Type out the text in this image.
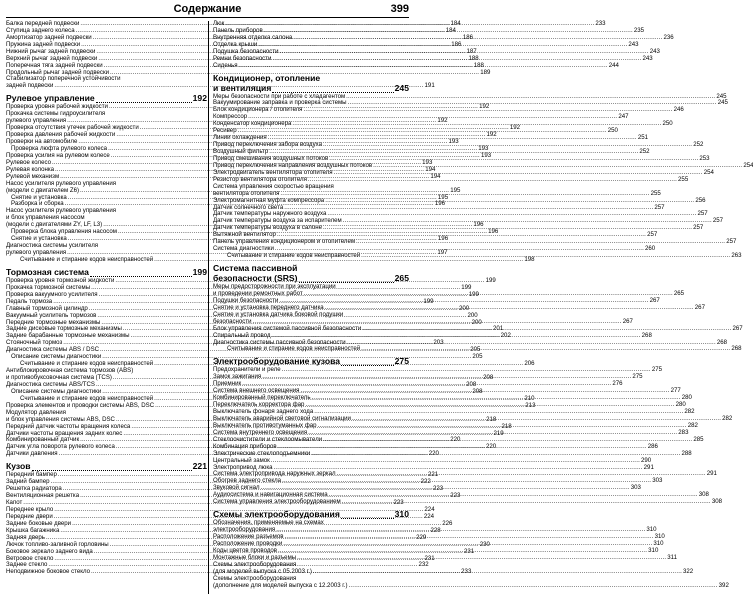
Содержание	399
Балка передней подвески .....	184
Ступица заднего колеса .....	184
Амортизатор задней подвески .....	186
Пружина задней подвески .....	186
Нижний рычаг задней подвески .....	187
Верхний рычаг задней подвески .....	188
Поперечная тяга задней подвески .....	188
Продольный рычаг задней подвески .....	189
Стабилизатор поперечной устойчивости
задней подвески .....	191
Рулевое управление	192
Проверка уровня рабочей жидкости .....	192
Прокачка системы гидроусилителя
рулевого управления .....	192
Проверка отсутствия утечек рабочей жидкости .....	192
Проверка давления рабочей жидкости .....	192
Проверки на автомобиле .....	193
Проверка люфта рулевого колеса .....	193
Проверка усилия на рулевом колесе .....	193
Рулевое колесо .....	193
Рулевая колонка .....	194
Рулевой механизм .....	194
Насос усилителя рулевого управления
(модели с двигателем Z6) .....	195
Снятие и установка .....	195
Разборка и сборка .....	196
Насос усилителя рулевого управления
и блок управления насосом
(модели с двигателями ZY, LF, L3) .....	196
Проверка блока управления насосом .....	196
Снятие и установка .....	196
Диагностика системы усилителя
рулевого управления .....	197
Считывание и стирание кодов неисправностей .....	198
Тормозная система	199
Проверка уровня тормозной жидкости .....	199
Прокачка тормозной системы .....	199
Проверка вакуумного усилителя .....	199
Педаль тормоза .....	199
Главный тормозной цилиндр .....	200
Вакуумный усилитель тормозов .....	200
Передние тормозные механизмы .....	200
Задние дисковые тормозные механизмы .....	201
Задние барабанные тормозные механизмы .....	202
Стояночный тормоз .....	203
Диагностика системы ABS / DSC .....	205
Описание системы диагностики .....	205
Считывание и стирание кодов неисправностей .....	206
Антиблокировочная система тормозов (ABS)
и противобуксовочная система (TCS) .....	208
Диагностика системы ABS/TCS .....	208
Описание системы диагностики .....	208
Считывание и стирание кодов неисправностей .....	210
Проверка элементов и проводки системы ABS, DSC .....	213
Модулятор давления
и блок управления системы ABS, DSC .....	218
Передний датчик частоты вращения колеса .....	218
Датчики частоты вращения задних колес .....	219
Комбинированный датчик .....	220
Датчик угла поворота рулевого колеса .....	220
Датчики давления .....	220
Кузов	221
Передний бампер .....	221
Задний бампер .....	222
Решетка радиатора .....	223
Вентиляционная решетка .....	223
Капот .....	223
Переднее крыло .....	224
Передние двери .....	224
Задние боковые двери .....	226
Крышка багажника .....	228
Задняя дверь .....	229
Лючок топливо-заливной горловины .....	230
Боковое зеркало заднего вида .....	231
Ветровое стекло .....	231
Заднее стекло .....	232
Неподвижное боковое стекло .....	233
Люк .....	233
Панель приборов .....	235
Внутренняя отделка салона .....	236
Отделка крыши .....	243
Подушка безопасности .....	243
Ремни безопасности .....	243
Сиденья .....	244
Кондиционер, отопление
и вентиляция	245
Меры безопасности при работе с хладагентом .....	245
Вакуумирование заправка и проверка системы .....	245
Блок кондиционера / отопителя .....	246
Компрессор .....	247
Конденсатор кондиционера .....	250
Ресивер .....	250
Линии охлаждения .....	251
Привод переключения забора воздуха .....	252
Воздушный фильтр .....	252
Привод смешивания воздушных потоков .....	253
Привод переключения направления воздушных потоков .....	254
Электродвигатель вентилятора отопителя .....	254
Резистор вентилятора отопителя .....	255
Система управления скоростью вращения
вентилятора отопителя .....	255
Электромагнитная муфта компрессора .....	256
Датчик солнечного света .....	257
Датчик температуры наружного воздуха .....	257
Датчик температуры воздуха за испарителем .....	257
Датчик температуры воздуха в салоне .....	257
Вытяжной вентилятор .....	257
Панель управления кондиционером и отопителем .....	257
Система диагностики .....	260
Считывание и стирание кодов неисправностей .....	263
Система пассивной
безопасности (SRS)	265
Меры предосторожности при эксплуатации
и проведении ремонтных работ .....	265
Подушки безопасности .....	267
Снятие и установка переднего датчика .....	267
Снятие и установка датчика боковой подушки
безопасности .....	267
Блок управления системой пассивной безопасности .....	267
Спиральный провод .....	268
Диагностика системы пассивной безопасности .....	268
Считывание и стирание кодов неисправностей .....	268
Электрооборудование кузова	275
Предохранители и реле .....	275
Замок зажигания .....	275
Приемник .....	276
Система внешнего освещения .....	277
Комбинированный переключатель .....	280
Переключатель корректора фар .....	280
Выключатель фонаря заднего хода .....	282
Выключатель аварийной световой сигнализации .....	282
Выключатель противотуманных фар .....	282
Система внутреннего освещения .....	283
Стеклоочистители и стеклоомыватели .....	285
Комбинация приборов .....	286
Электрические стеклоподъемники .....	288
Центральный замок .....	290
Электропривод люка .....	291
Система электропривода наружных зеркал .....	291
Обогрев заднего стекла .....	303
Звуковой сигнал .....	303
Аудиосистема и навигационная система .....	308
Система управления электрооборудованием .....	308
Схемы электрооборудования	310
Обозначения, применяемые на схемах
электрооборудования .....	310
Расположение разъемов .....	310
Расположение проводки .....	310
Коды цветов проводов .....	310
Монтажные блоки и разъемы .....	311
Схемы электрооборудования
(для моделей выпуска с 05.2003 г.) .....	322
Схемы электрооборудования
(дополнение для моделей выпуска с 12.2003 г.) .....	392
